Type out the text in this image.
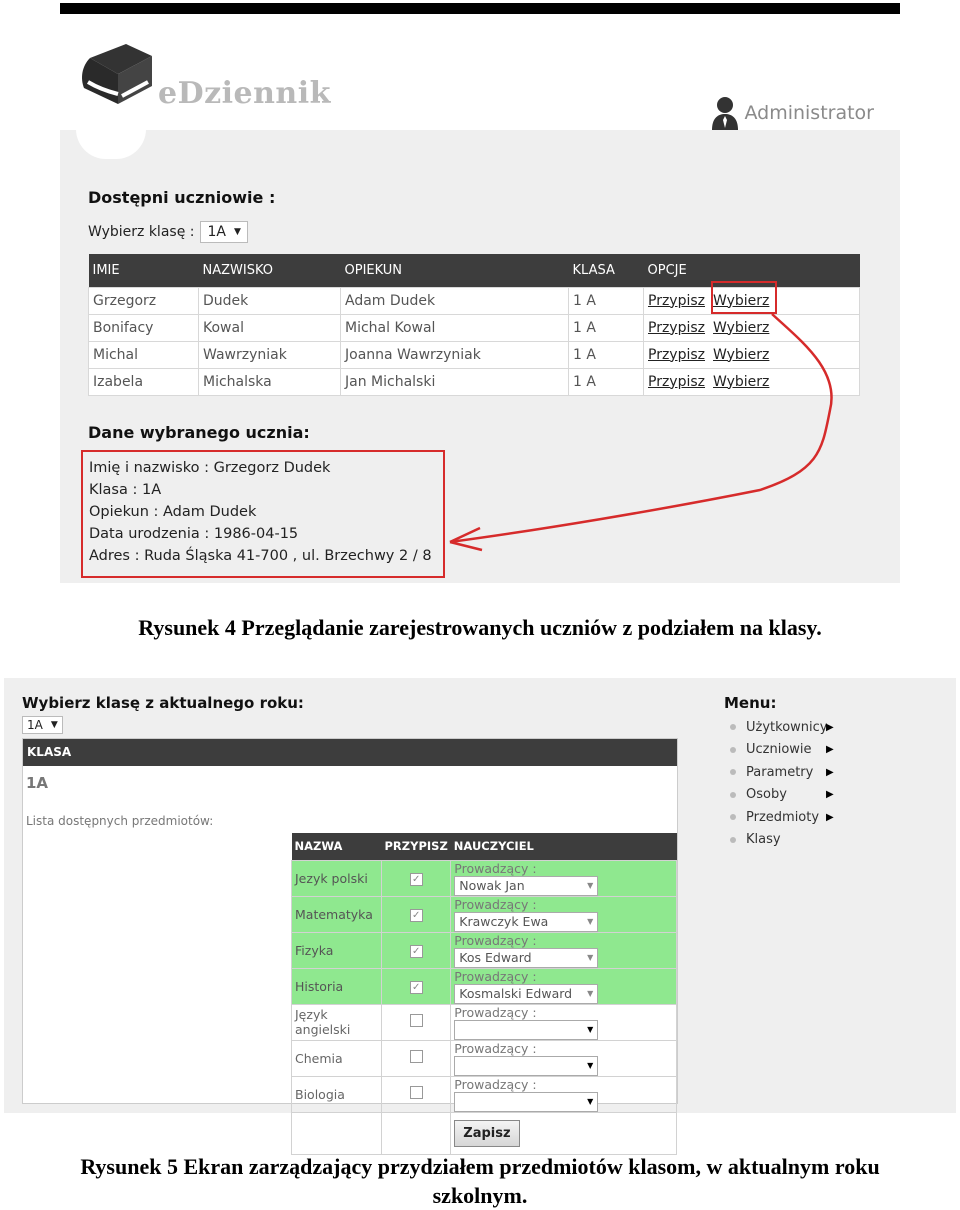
eDziennik
Administrator
Dostępni uczniowie :
Wybierz klasę : 1A ▼
IMIE	NAZWISKO	OPIEKUN	KLASA	OPCJE
Grzegorz	Dudek	Adam Dudek	1 A	Przypisz Wybierz
Bonifacy	Kowal	Michal Kowal	1 A	Przypisz Wybierz
Michal	Wawrzyniak	Joanna Wawrzyniak	1 A	Przypisz Wybierz
Izabela	Michalska	Jan Michalski	1 A	Przypisz Wybierz
Dane wybranego ucznia:
Imię i nazwisko : Grzegorz Dudek
Klasa : 1A
Opiekun : Adam Dudek
Data urodzenia : 1986-04-15
Adres : Ruda Śląska 41-700 , ul. Brzechwy 2 / 8
Rysunek 4 Przeglądanie zarejestrowanych uczniów z podziałem na klasy.
Wybierz klasę z aktualnego roku:
1A ▼
KLASA
1A
Lista dostępnych przedmiotów:
NAZWA	PRZYPISZ	NAUCZYCIEL
Jezyk polski	✓	Prowadzący :
Nowak Jan ▼

Matematyka	✓	Prowadzący :
Krawczyk Ewa ▼

Fizyka	✓	Prowadzący :
Kos Edward ▼

Historia	✓	Prowadzący :
Kosmalski Edward ▼

Język angielski		Prowadzący :
▼

Chemia		Prowadzący :
▼

Biologia		Prowadzący :
▼

		Zapisz
Menu:
Użytkownicy
▶
Uczniowie	▶
Parametry	▶
Osoby	▶
Przedmioty ▶
Klasy
Rysunek 5 Ekran zarządzający przydziałem przedmiotów klasom, w aktualnym roku
szkolnym.
